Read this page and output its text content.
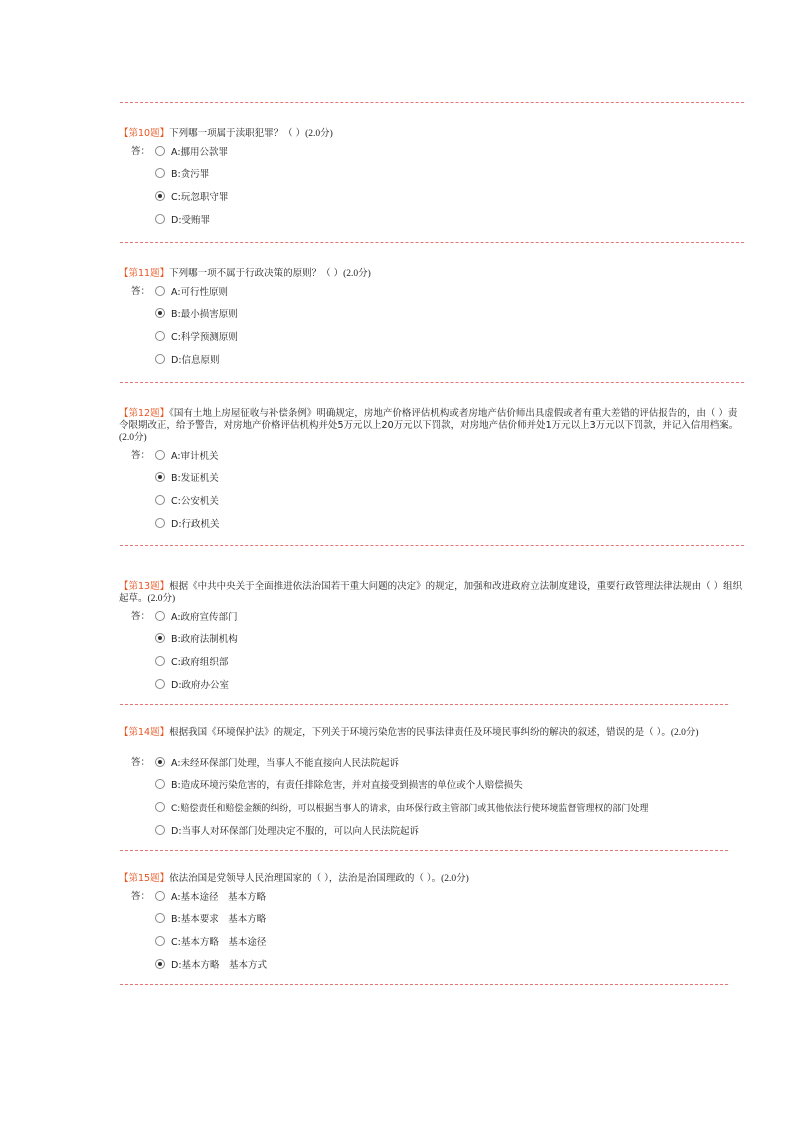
【第10题】下列哪一项属于渎职犯罪？（ ）(2.0分)
答：	A:挪用公款罪
B:贪污罪
C:玩忽职守罪
D:受贿罪
【第11题】下列哪一项不属于行政决策的原则？（ ）(2.0分)
答：	A:可行性原则
B:最小损害原则
C:科学预测原则
D:信息原则
【第12题】《国有土地上房屋征收与补偿条例》明确规定，房地产价格评估机构或者房地产估价师出具虚假或者有重大差错的评估报告的，由（ ）责令限期改正，给予警告，对房地产价格评估机构并处5万元以上20万元以下罚款，对房地产估价师并处1万元以上3万元以下罚款，并记入信用档案。(2.0分)
答：	A:审计机关
B:发证机关
C:公安机关
D:行政机关
【第13题】根据《中共中央关于全面推进依法治国若干重大问题的决定》的规定，加强和改进政府立法制度建设，重要行政管理法律法规由（ ）组织起草。(2.0分)
答：	A:政府宣传部门
B:政府法制机构
C:政府组织部
D:政府办公室
【第14题】根据我国《环境保护法》的规定，下列关于环境污染危害的民事法律责任及环境民事纠纷的解决的叙述，错误的是（ ）。(2.0分)
答：	A:未经环保部门处理，当事人不能直接向人民法院起诉
B:造成环境污染危害的，有责任排除危害，并对直接受到损害的单位或个人赔偿损失
C:赔偿责任和赔偿金额的纠纷，可以根据当事人的请求，由环保行政主管部门或其他依法行使环境监督管理权的部门处理
D:当事人对环保部门处理决定不服的，可以向人民法院起诉
【第15题】依法治国是党领导人民治理国家的（ ），法治是治国理政的（ ）。(2.0分)
答：	A:基本途径　基本方略
B:基本要求　基本方略
C:基本方略　基本途径
D:基本方略　基本方式
